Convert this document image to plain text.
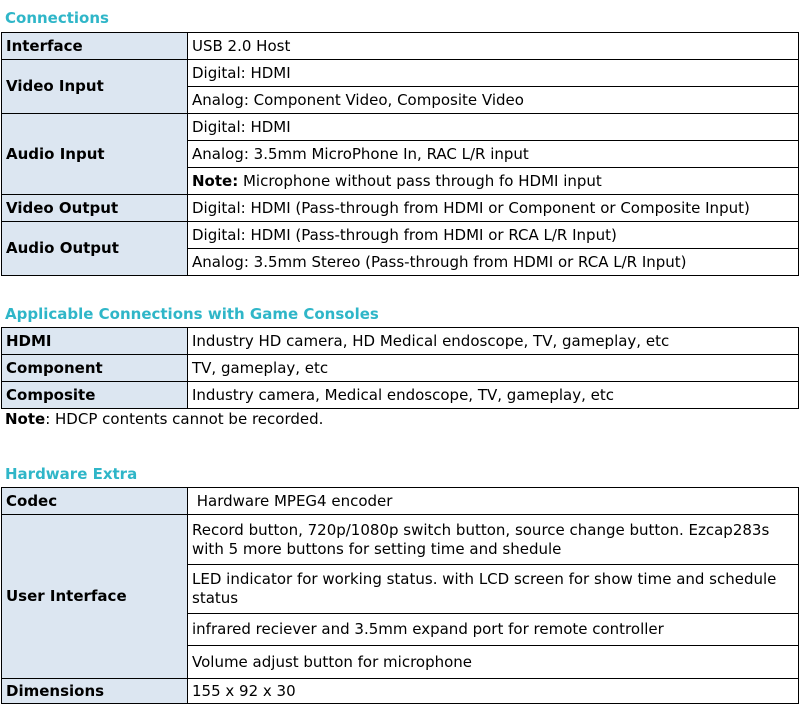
Connections
Interface	USB 2.0 Host
Video Input	Digital: HDMI
	Analog: Component Video, Composite Video
Audio Input	Digital: HDMI
	Analog: 3.5mm MicroPhone In, RAC L/R input
	Note: Microphone without pass through fo HDMI input
Video Output	Digital: HDMI (Pass-through from HDMI or Component or Composite Input)
Audio Output	Digital: HDMI (Pass-through from HDMI or RCA L/R Input)
	Analog: 3.5mm Stereo (Pass-through from HDMI or RCA L/R Input)
Applicable Connections with Game Consoles
HDMI	Industry HD camera, HD Medical endoscope, TV, gameplay, etc
Component	TV, gameplay, etc
Composite	Industry camera, Medical endoscope, TV, gameplay, etc
Note: HDCP contents cannot be recorded.
Hardware Extra
Codec	Hardware MPEG4 encoder
User Interface	Record button, 720p/1080p switch button, source change button. Ezcap283s with 5 more buttons for setting time and shedule
	LED indicator for working status. with LCD screen for show time and schedule status
	infrared reciever and 3.5mm expand port for remote controller
	Volume adjust button for microphone
Dimensions	155 x 92 x 30
